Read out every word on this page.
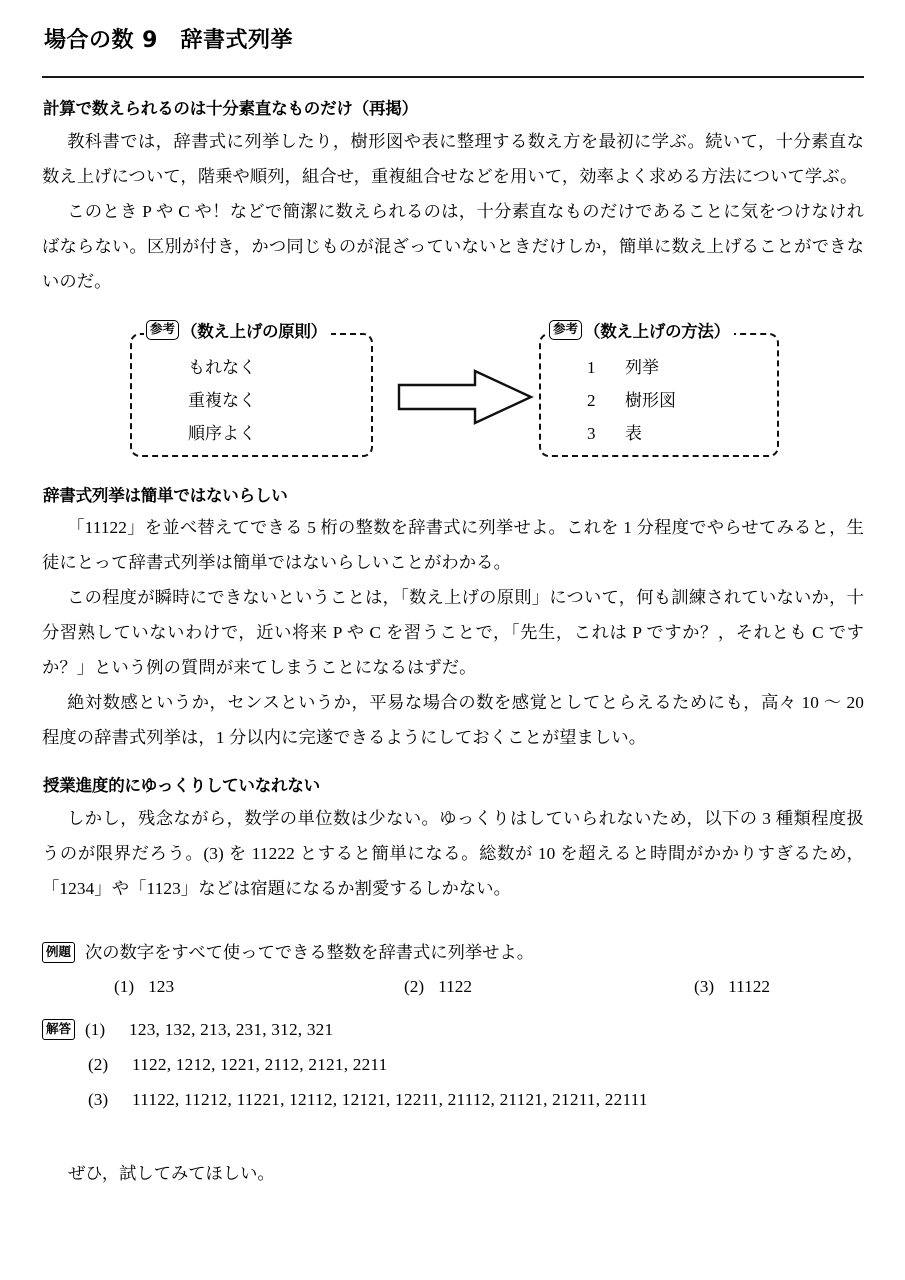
場合の数 9　辞書式列挙
計算で数えられるのは十分素直なものだけ（再掲）

教科書では，辞書式に列挙したり，樹形図や表に整理する数え方を最初に学ぶ。続いて，十分素直な数え上げについて，階乗や順列，組合せ，重複組合せなどを用いて，効率よく求める方法について学ぶ。

このとき P や C や！などで簡潔に数えられるのは，十分素直なものだけであることに気をつけなければならない。区別が付き，かつ同じものが混ざっていないときだけしか，簡単に数え上げることができないのだ。

参考 （数え上げの原則）
もれなく
重複なく
順序よく
参考 （数え上げの方法）
1 列挙
2 樹形図
3 表
辞書式列挙は簡単ではないらしい

「11122」を並べ替えてできる 5 桁の整数を辞書式に列挙せよ。これを 1 分程度でやらせてみると，生徒にとって辞書式列挙は簡単ではないらしいことがわかる。

この程度が瞬時にできないということは，「数え上げの原則」について，何も訓練されていないか，十分習熟していないわけで，近い将来 P や C を習うことで，「先生，これは P ですか？，それとも C ですか？」という例の質問が来てしまうことになるはずだ。

絶対数感というか，センスというか，平易な場合の数を感覚としてとらえるためにも，高々 10 〜 20 程度の辞書式列挙は，1 分以内に完遂できるようにしておくことが望ましい。

授業進度的にゆっくりしていなれない

しかし，残念ながら，数学の単位数は少ない。ゆっくりはしていられないため，以下の 3 種類程度扱うのが限界だろう。(3) を 11222 とすると簡単になる。総数が 10 を超えると時間がかかりすぎるため，「1234」や「1123」などは宿題になるか割愛するしかない。

例題 次の数字をすべて使ってできる整数を辞書式に列挙せよ。
(1) 123	(2) 1122	(3) 11122
解答 (1)	123, 132, 213, 231, 312, 321
(2)	1122, 1212, 1221, 2112, 2121, 2211
(3)	11122, 11212, 11221, 12112, 12121, 12211, 21112, 21121, 21211, 22111

ぜひ，試してみてほしい。
